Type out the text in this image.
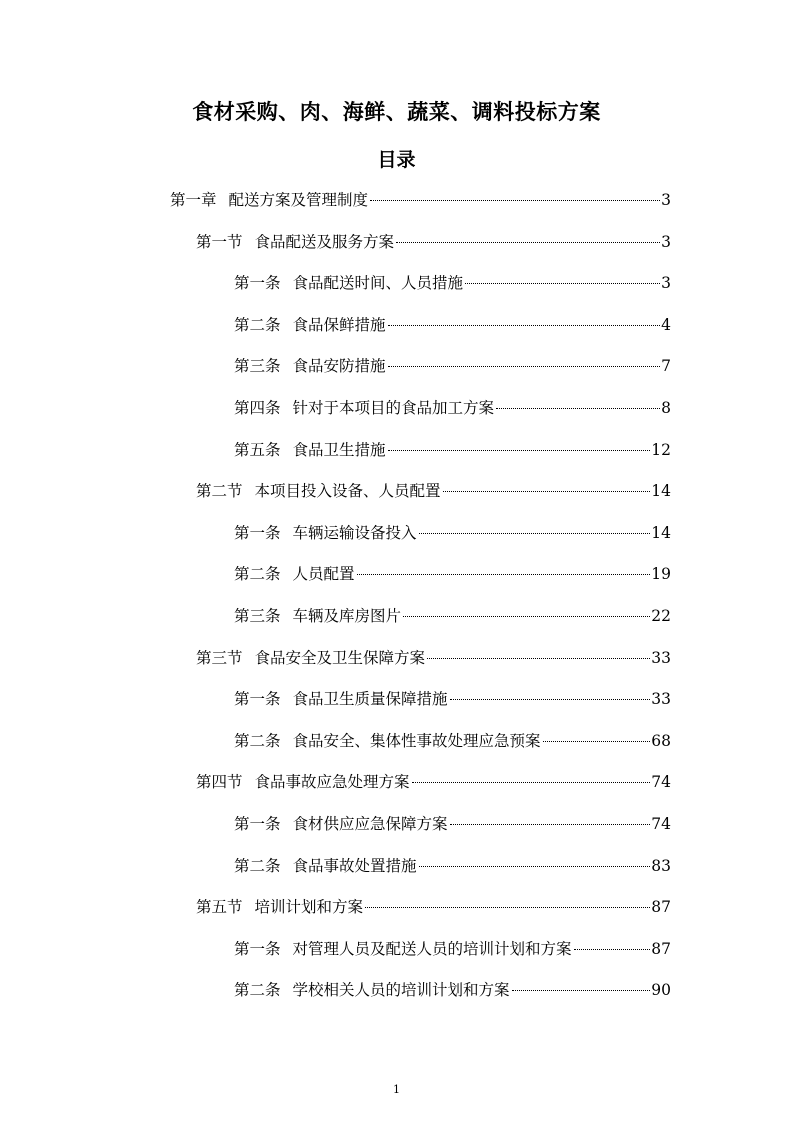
食材采购、肉、海鲜、蔬菜、调料投标方案
目录
第一章 配送方案及管理制度	3
第一节 食品配送及服务方案	3
第一条 食品配送时间、人员措施	3
第二条 食品保鲜措施	4
第三条 食品安防措施	7
第四条 针对于本项目的食品加工方案	8
第五条 食品卫生措施	12
第二节 本项目投入设备、人员配置	14
第一条 车辆运输设备投入	14
第二条 人员配置	19
第三条 车辆及库房图片	22
第三节 食品安全及卫生保障方案	33
第一条 食品卫生质量保障措施	33
第二条 食品安全、集体性事故处理应急预案	68
第四节 食品事故应急处理方案	74
第一条 食材供应应急保障方案	74
第二条 食品事故处置措施	83
第五节 培训计划和方案	87
第一条 对管理人员及配送人员的培训计划和方案	87
第二条 学校相关人员的培训计划和方案	90
1
